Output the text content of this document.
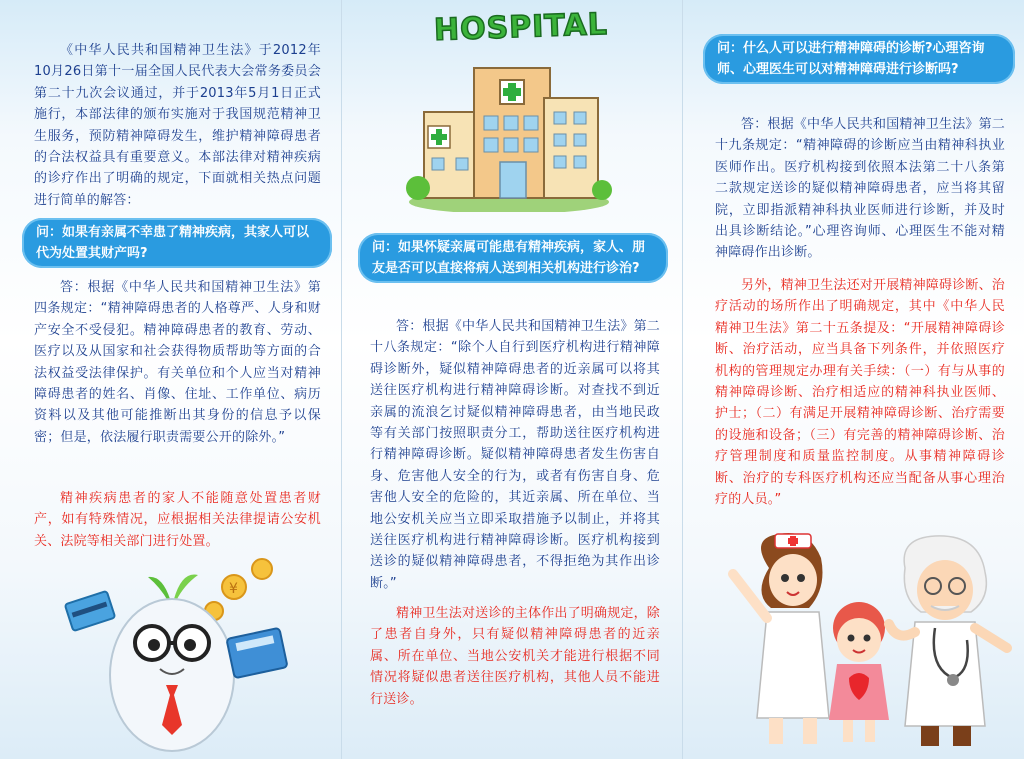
《中华人民共和国精神卫生法》于2012年10月26日第十一届全国人民代表大会常务委员会第二十九次会议通过，并于2013年5月1日正式施行，本部法律的颁布实施对于我国规范精神卫生服务，预防精神障碍发生，维护精神障碍患者的合法权益具有重要意义。本部法律对精神疾病的诊疗作出了明确的规定，下面就相关热点问题进行简单的解答：

问：如果有亲属不幸患了精神疾病，其家人可以代为处置其财产吗?

答：根据《中华人民共和国精神卫生法》第四条规定：“精神障碍患者的人格尊严、人身和财产安全不受侵犯。精神障碍患者的教育、劳动、医疗以及从国家和社会获得物质帮助等方面的合法权益受法律保护。有关单位和个人应当对精神障碍患者的姓名、肖像、住址、工作单位、病历资料以及其他可能推断出其身份的信息予以保密；但是，依法履行职责需要公开的除外。”

精神疾病患者的家人不能随意处置患者财产，如有特殊情况，应根据相关法律提请公安机关、法院等相关部门进行处置。

¥
HOSPITAL
问：如果怀疑亲属可能患有精神疾病，家人、朋友是否可以直接将病人送到相关机构进行诊治?

答：根据《中华人民共和国精神卫生法》第二十八条规定：“除个人自行到医疗机构进行精神障碍诊断外，疑似精神障碍患者的近亲属可以将其送往医疗机构进行精神障碍诊断。对查找不到近亲属的流浪乞讨疑似精神障碍患者，由当地民政等有关部门按照职责分工，帮助送往医疗机构进行精神障碍诊断。疑似精神障碍患者发生伤害自身、危害他人安全的行为，或者有伤害自身、危害他人安全的危险的，其近亲属、所在单位、当地公安机关应当立即采取措施予以制止，并将其送往医疗机构进行精神障碍诊断。医疗机构接到送诊的疑似精神障碍患者，不得拒绝为其作出诊断。”

精神卫生法对送诊的主体作出了明确规定，除了患者自身外，只有疑似精神障碍患者的近亲属、所在单位、当地公安机关才能进行根据不同情况将疑似患者送往医疗机构，其他人员不能进行送诊。

问：什么人可以进行精神障碍的诊断?心理咨询师、心理医生可以对精神障碍进行诊断吗?

答：根据《中华人民共和国精神卫生法》第二十九条规定：“精神障碍的诊断应当由精神科执业医师作出。医疗机构接到依照本法第二十八条第二款规定送诊的疑似精神障碍患者，应当将其留院，立即指派精神科执业医师进行诊断，并及时出具诊断结论。”心理咨询师、心理医生不能对精神障碍作出诊断。

另外，精神卫生法还对开展精神障碍诊断、治疗活动的场所作出了明确规定，其中《中华人民精神卫生法》第二十五条提及：“开展精神障碍诊断、治疗活动，应当具备下列条件，并依照医疗机构的管理规定办理有关手续：（一）有与从事的精神障碍诊断、治疗相适应的精神科执业医师、护士；（二）有满足开展精神障碍诊断、治疗需要的设施和设备；（三）有完善的精神障碍诊断、治疗管理制度和质量监控制度。从事精神障碍诊断、治疗的专科医疗机构还应当配备从事心理治疗的人员。”
